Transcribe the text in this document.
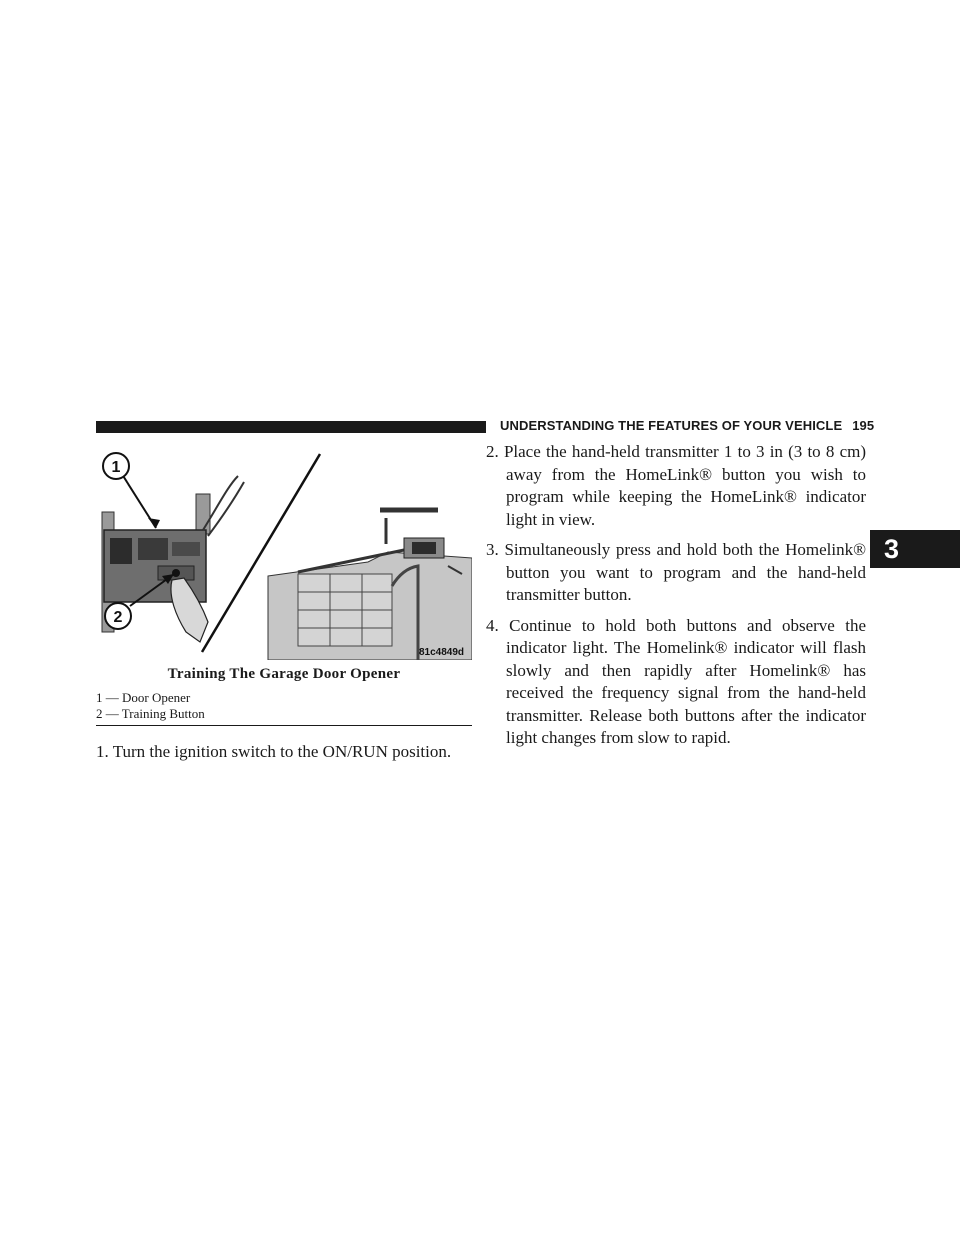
UNDERSTANDING THE FEATURES OF YOUR VEHICLE 195
3
1
2
81c4849d
Training The Garage Door Opener
1 — Door Opener
2 — Training Button
1. Turn the ignition switch to the ON/RUN position.
2. Place the hand-held transmitter 1 to 3 in (3 to 8 cm) away from the HomeLink® button you wish to program while keeping the HomeLink® indicator light in view.
3. Simultaneously press and hold both the Homelink® button you want to program and the hand-held transmitter button.
4. Continue to hold both buttons and observe the indicator light. The Homelink® indicator will flash slowly and then rapidly after Homelink® has received the frequency signal from the hand-held transmitter. Release both buttons after the indicator light changes from slow to rapid.
